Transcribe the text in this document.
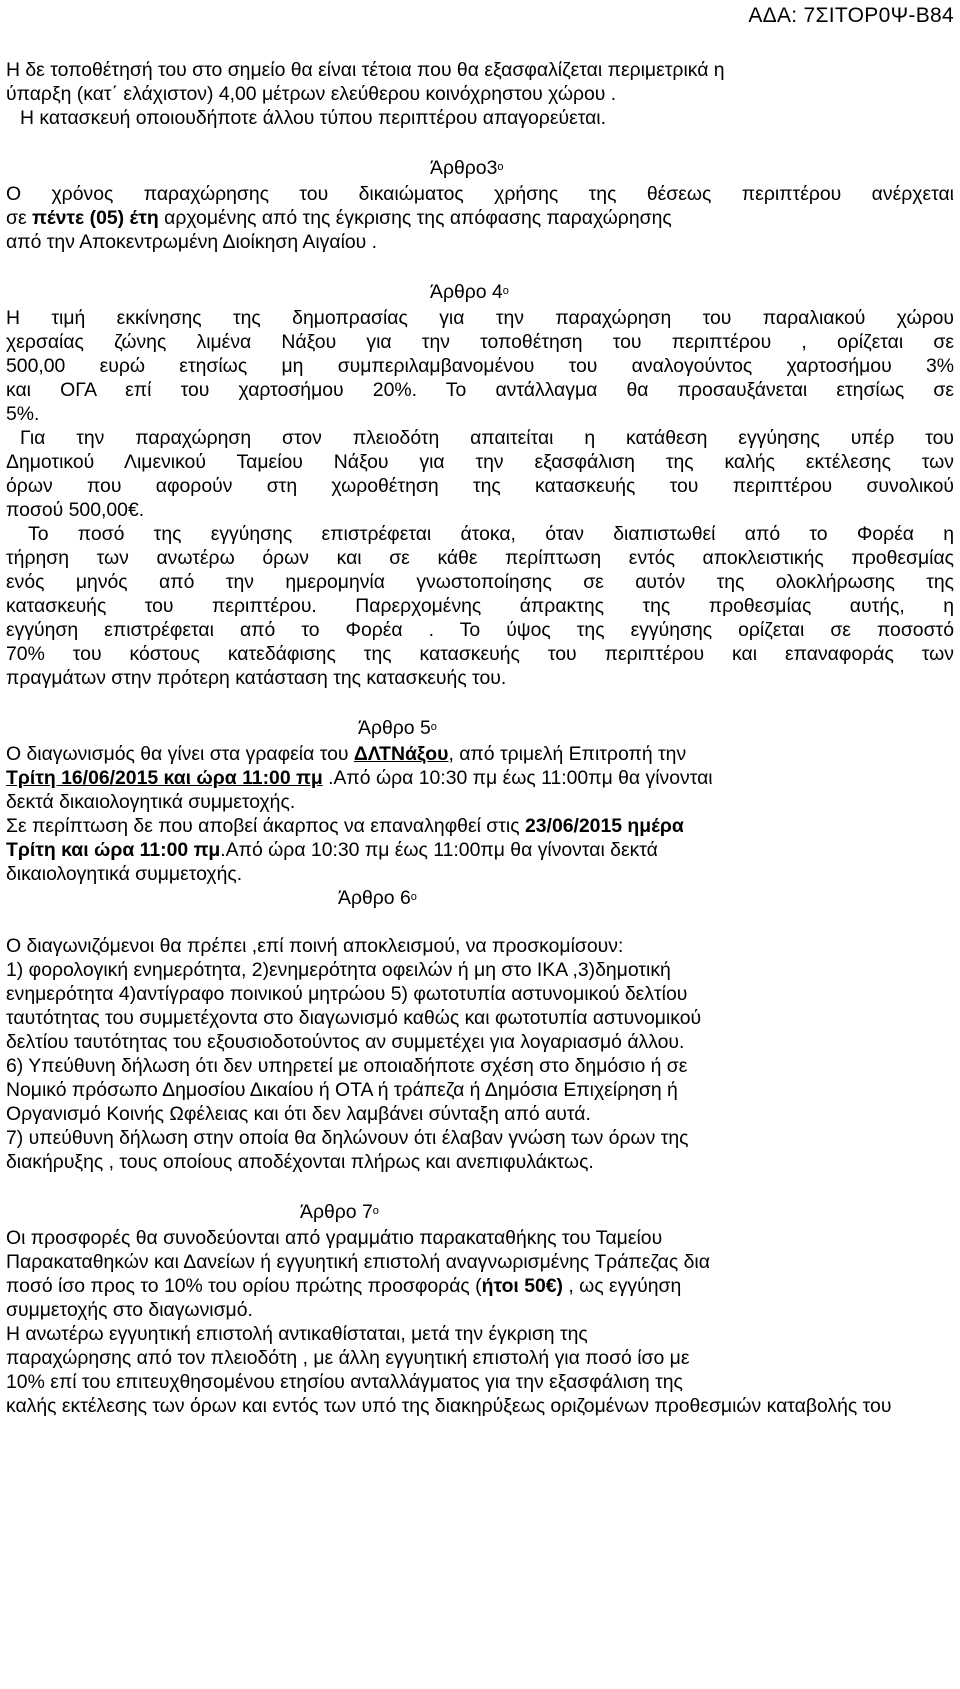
ΑΔΑ: 7ΣΙΤΟΡ0Ψ-Β84
Η δε τοποθέτησή του στο σημείο θα είναι τέτοια που θα εξασφαλίζεται περιμετρικά η
ύπαρξη (κατ΄ ελάχιστον) 4,00 μέτρων ελεύθερου κοινόχρηστου χώρου .
Η κατασκευή οποιουδήποτε άλλου τύπου περιπτέρου απαγορεύεται.
$Ά\rho\theta\rho o3^o$
Ο χρόνος παραχώρησης του δικαιώματος χρήσης της θέσεως περιπτέρου ανέρχεται
σε πέντε (05) έτη αρχομένης από της έγκρισης της απόφασης παραχώρησης
από την Αποκεντρωμένη Διοίκηση Αιγαίου .
Άρθρο $4^o$
Η τιμή εκκίνησης της δημοπρασίας για την παραχώρηση του παραλιακού χώρου
χερσαίας ζώνης λιμένα Νάξου για την τοποθέτηση του περιπτέρου , ορίζεται σε
500,00 ευρώ ετησίως μη συμπεριλαμβανομένου του αναλογούντος χαρτοσήμου 3%
και ΟΓΑ επί του χαρτοσήμου 20%. Το αντάλλαγμα θα προσαυξάνεται ετησίως σε
5%.
Για την παραχώρηση στον πλειοδότη απαιτείται η κατάθεση εγγύησης υπέρ του
Δημοτικού Λιμενικού Ταμείου Νάξου για την εξασφάλιση της καλής εκτέλεσης των
όρων που αφορούν στη χωροθέτηση της κατασκευής του περιπτέρου συνολικού
ποσού 500,00€.
Το ποσό της εγγύησης επιστρέφεται άτοκα, όταν διαπιστωθεί από το Φορέα η
τήρηση των ανωτέρω όρων και σε κάθε περίπτωση εντός αποκλειστικής προθεσμίας
ενός μηνός από την ημερομηνία γνωστοποίησης σε αυτόν της ολοκλήρωσης της
κατασκευής του περιπτέρου. Παρερχομένης άπρακτης της προθεσμίας αυτής, η
εγγύηση επιστρέφεται από το Φορέα . Το ύψος της εγγύησης ορίζεται σε ποσοστό
70% του κόστους κατεδάφισης της κατασκευής του περιπτέρου και επαναφοράς των
πραγμάτων στην πρότερη κατάσταση της κατασκευής του.
Άρθρο $5^o$
Ο διαγωνισμός θα γίνει στα γραφεία του ΔΛΤΝάξου, από τριμελή Επιτροπή την
Τρίτη 16/06/2015 και ώρα 11:00 πμ .Από ώρα 10:30 πμ έως 11:00πμ θα γίνονται
δεκτά δικαιολογητικά συμμετοχής.
Σε περίπτωση δε που αποβεί άκαρπος να επαναληφθεί στις 23/06/2015 ημέρα
Τρίτη και ώρα 11:00 πμ.Από ώρα 10:30 πμ έως 11:00πμ θα γίνονται δεκτά
δικαιολογητικά συμμετοχής.
Άρθρο $6^o$
Ο διαγωνιζόμενοι θα πρέπει ,επί ποινή αποκλεισμού, να προσκομίσουν:
1) φορολογική ενημερότητα, 2)ενημερότητα οφειλών ή μη στο ΙΚΑ ,3)δημοτική
ενημερότητα 4)αντίγραφο ποινικού μητρώου 5) φωτοτυπία αστυνομικού δελτίου
ταυτότητας του συμμετέχοντα στο διαγωνισμό καθώς και φωτοτυπία αστυνομικού
δελτίου ταυτότητας του εξουσιοδοτούντος αν συμμετέχει για λογαριασμό άλλου.
6) Υπεύθυνη δήλωση ότι δεν υπηρετεί με οποιαδήποτε σχέση στο δημόσιο ή σε
Νομικό πρόσωπο Δημοσίου Δικαίου ή ΟΤΑ ή τράπεζα ή Δημόσια Επιχείρηση ή
Οργανισμό Κοινής Ωφέλειας και ότι δεν λαμβάνει σύνταξη από αυτά.
7) υπεύθυνη δήλωση στην οποία θα δηλώνουν ότι έλαβαν γνώση των όρων της
διακήρυξης , τους οποίους αποδέχονται πλήρως και ανεπιφυλάκτως.
Άρθρο $7^o$
Οι προσφορές θα συνοδεύονται από γραμμάτιο παρακαταθήκης του Ταμείου
Παρακαταθηκών και Δανείων ή εγγυητική επιστολή αναγνωρισμένης Τράπεζας δια
ποσό ίσο προς το 10% του ορίου πρώτης προσφοράς (ήτοι 50€) , ως εγγύηση
συμμετοχής στο διαγωνισμό.
Η ανωτέρω εγγυητική επιστολή αντικαθίσταται, μετά την έγκριση της
παραχώρησης από τον πλειοδότη , με άλλη εγγυητική επιστολή για ποσό ίσο με
10% επί του επιτευχθησομένου ετησίου ανταλλάγματος για την εξασφάλιση της
καλής εκτέλεσης των όρων και εντός των υπό της διακηρύξεως οριζομένων προθεσμιών καταβολής του
